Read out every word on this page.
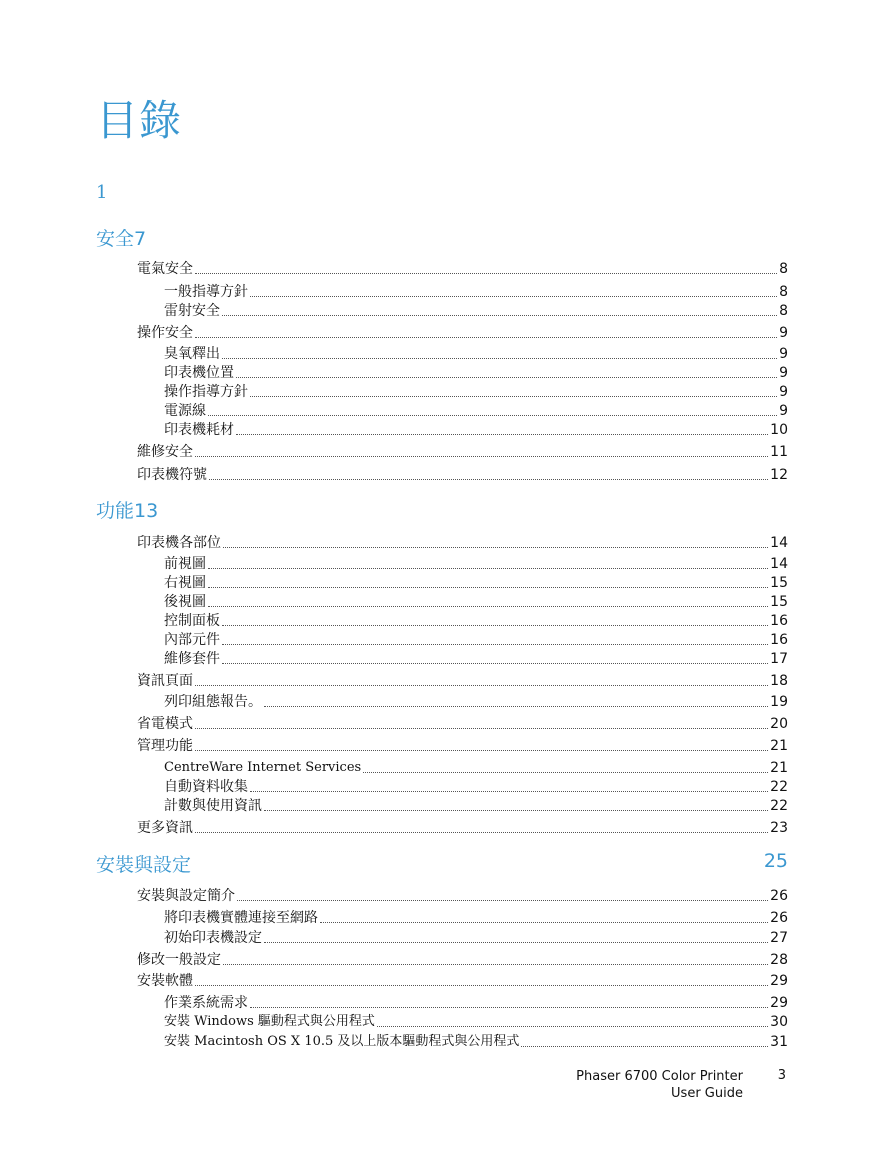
目錄
1
安全7
電氣安全	8
一般指導方針	8
雷射安全	8
操作安全	9
臭氧釋出	9
印表機位置	9
操作指導方針	9
電源線	9
印表機耗材	10
維修安全	11
印表機符號	12
功能13
印表機各部位	14
前視圖	14
右視圖	15
後視圖	15
控制面板	16
內部元件	16
維修套件	17
資訊頁面	18
列印組態報告。	19
省電模式	20
管理功能	21
CentreWare Internet Services	21
自動資料收集	22
計數與使用資訊	22
更多資訊	23
安裝與設定	25
安裝與設定簡介	26
將印表機實體連接至網路	26
初始印表機設定	27
修改一般設定	28
安裝軟體	29
作業系統需求	29
安裝 Windows 驅動程式與公用程式	30
安裝 Macintosh OS X 10.5 及以上版本驅動程式與公用程式	31
Phaser 6700 Color Printer
User Guide
3
